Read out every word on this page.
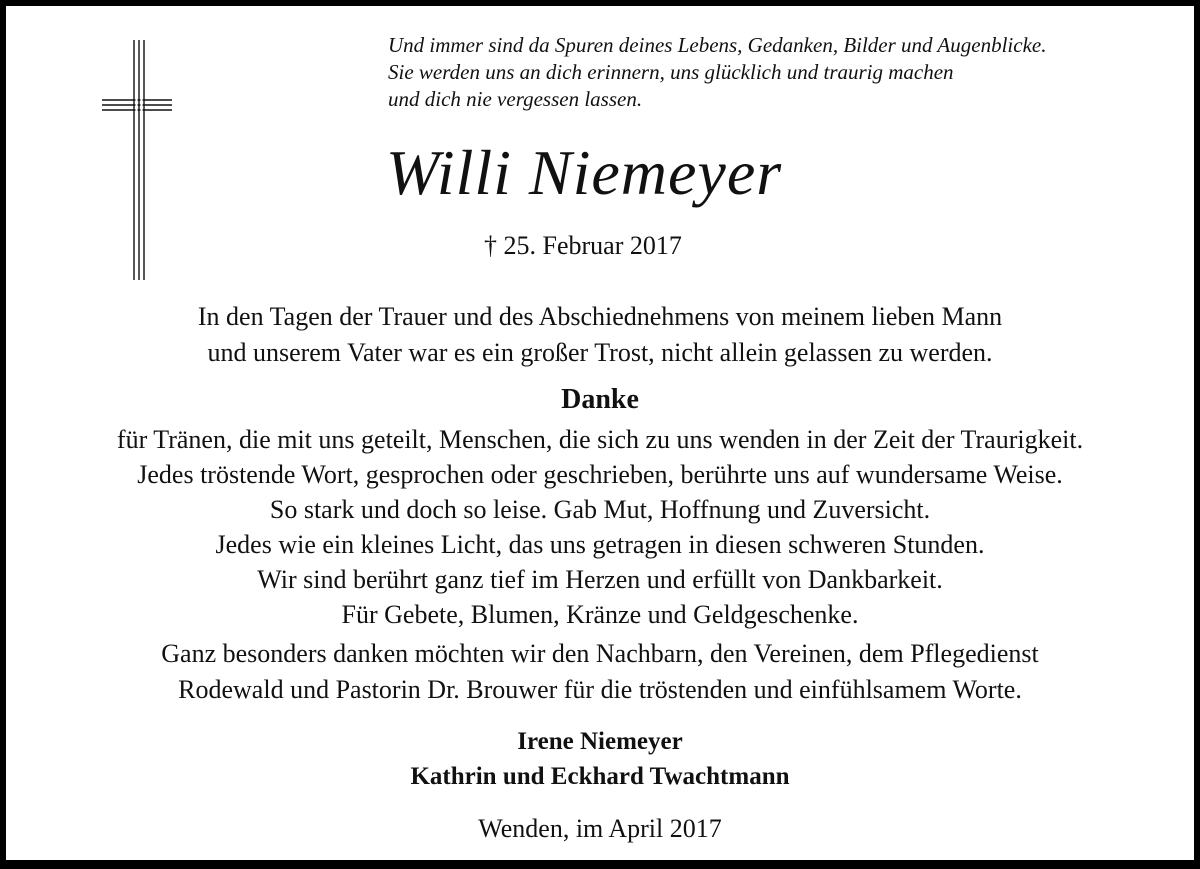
Und immer sind da Spuren deines Lebens, Gedanken, Bilder und Augenblicke.
Sie werden uns an dich erinnern, uns glücklich und traurig machen
und dich nie vergessen lassen.
Willi Niemeyer
† 25. Februar 2017
In den Tagen der Trauer und des Abschiednehmens von meinem lieben Mann
und unserem Vater war es ein großer Trost, nicht allein gelassen zu werden.
Danke
für Tränen, die mit uns geteilt, Menschen, die sich zu uns wenden in der Zeit der Traurigkeit.
Jedes tröstende Wort, gesprochen oder geschrieben, berührte uns auf wundersame Weise.
So stark und doch so leise. Gab Mut, Hoffnung und Zuversicht.
Jedes wie ein kleines Licht, das uns getragen in diesen schweren Stunden.
Wir sind berührt ganz tief im Herzen und erfüllt von Dankbarkeit.
Für Gebete, Blumen, Kränze und Geldgeschenke.
Ganz besonders danken möchten wir den Nachbarn, den Vereinen, dem Pflegedienst
Rodewald und Pastorin Dr. Brouwer für die tröstenden und einfühlsamem Worte.
Irene Niemeyer
Kathrin und Eckhard Twachtmann
Wenden, im April 2017
